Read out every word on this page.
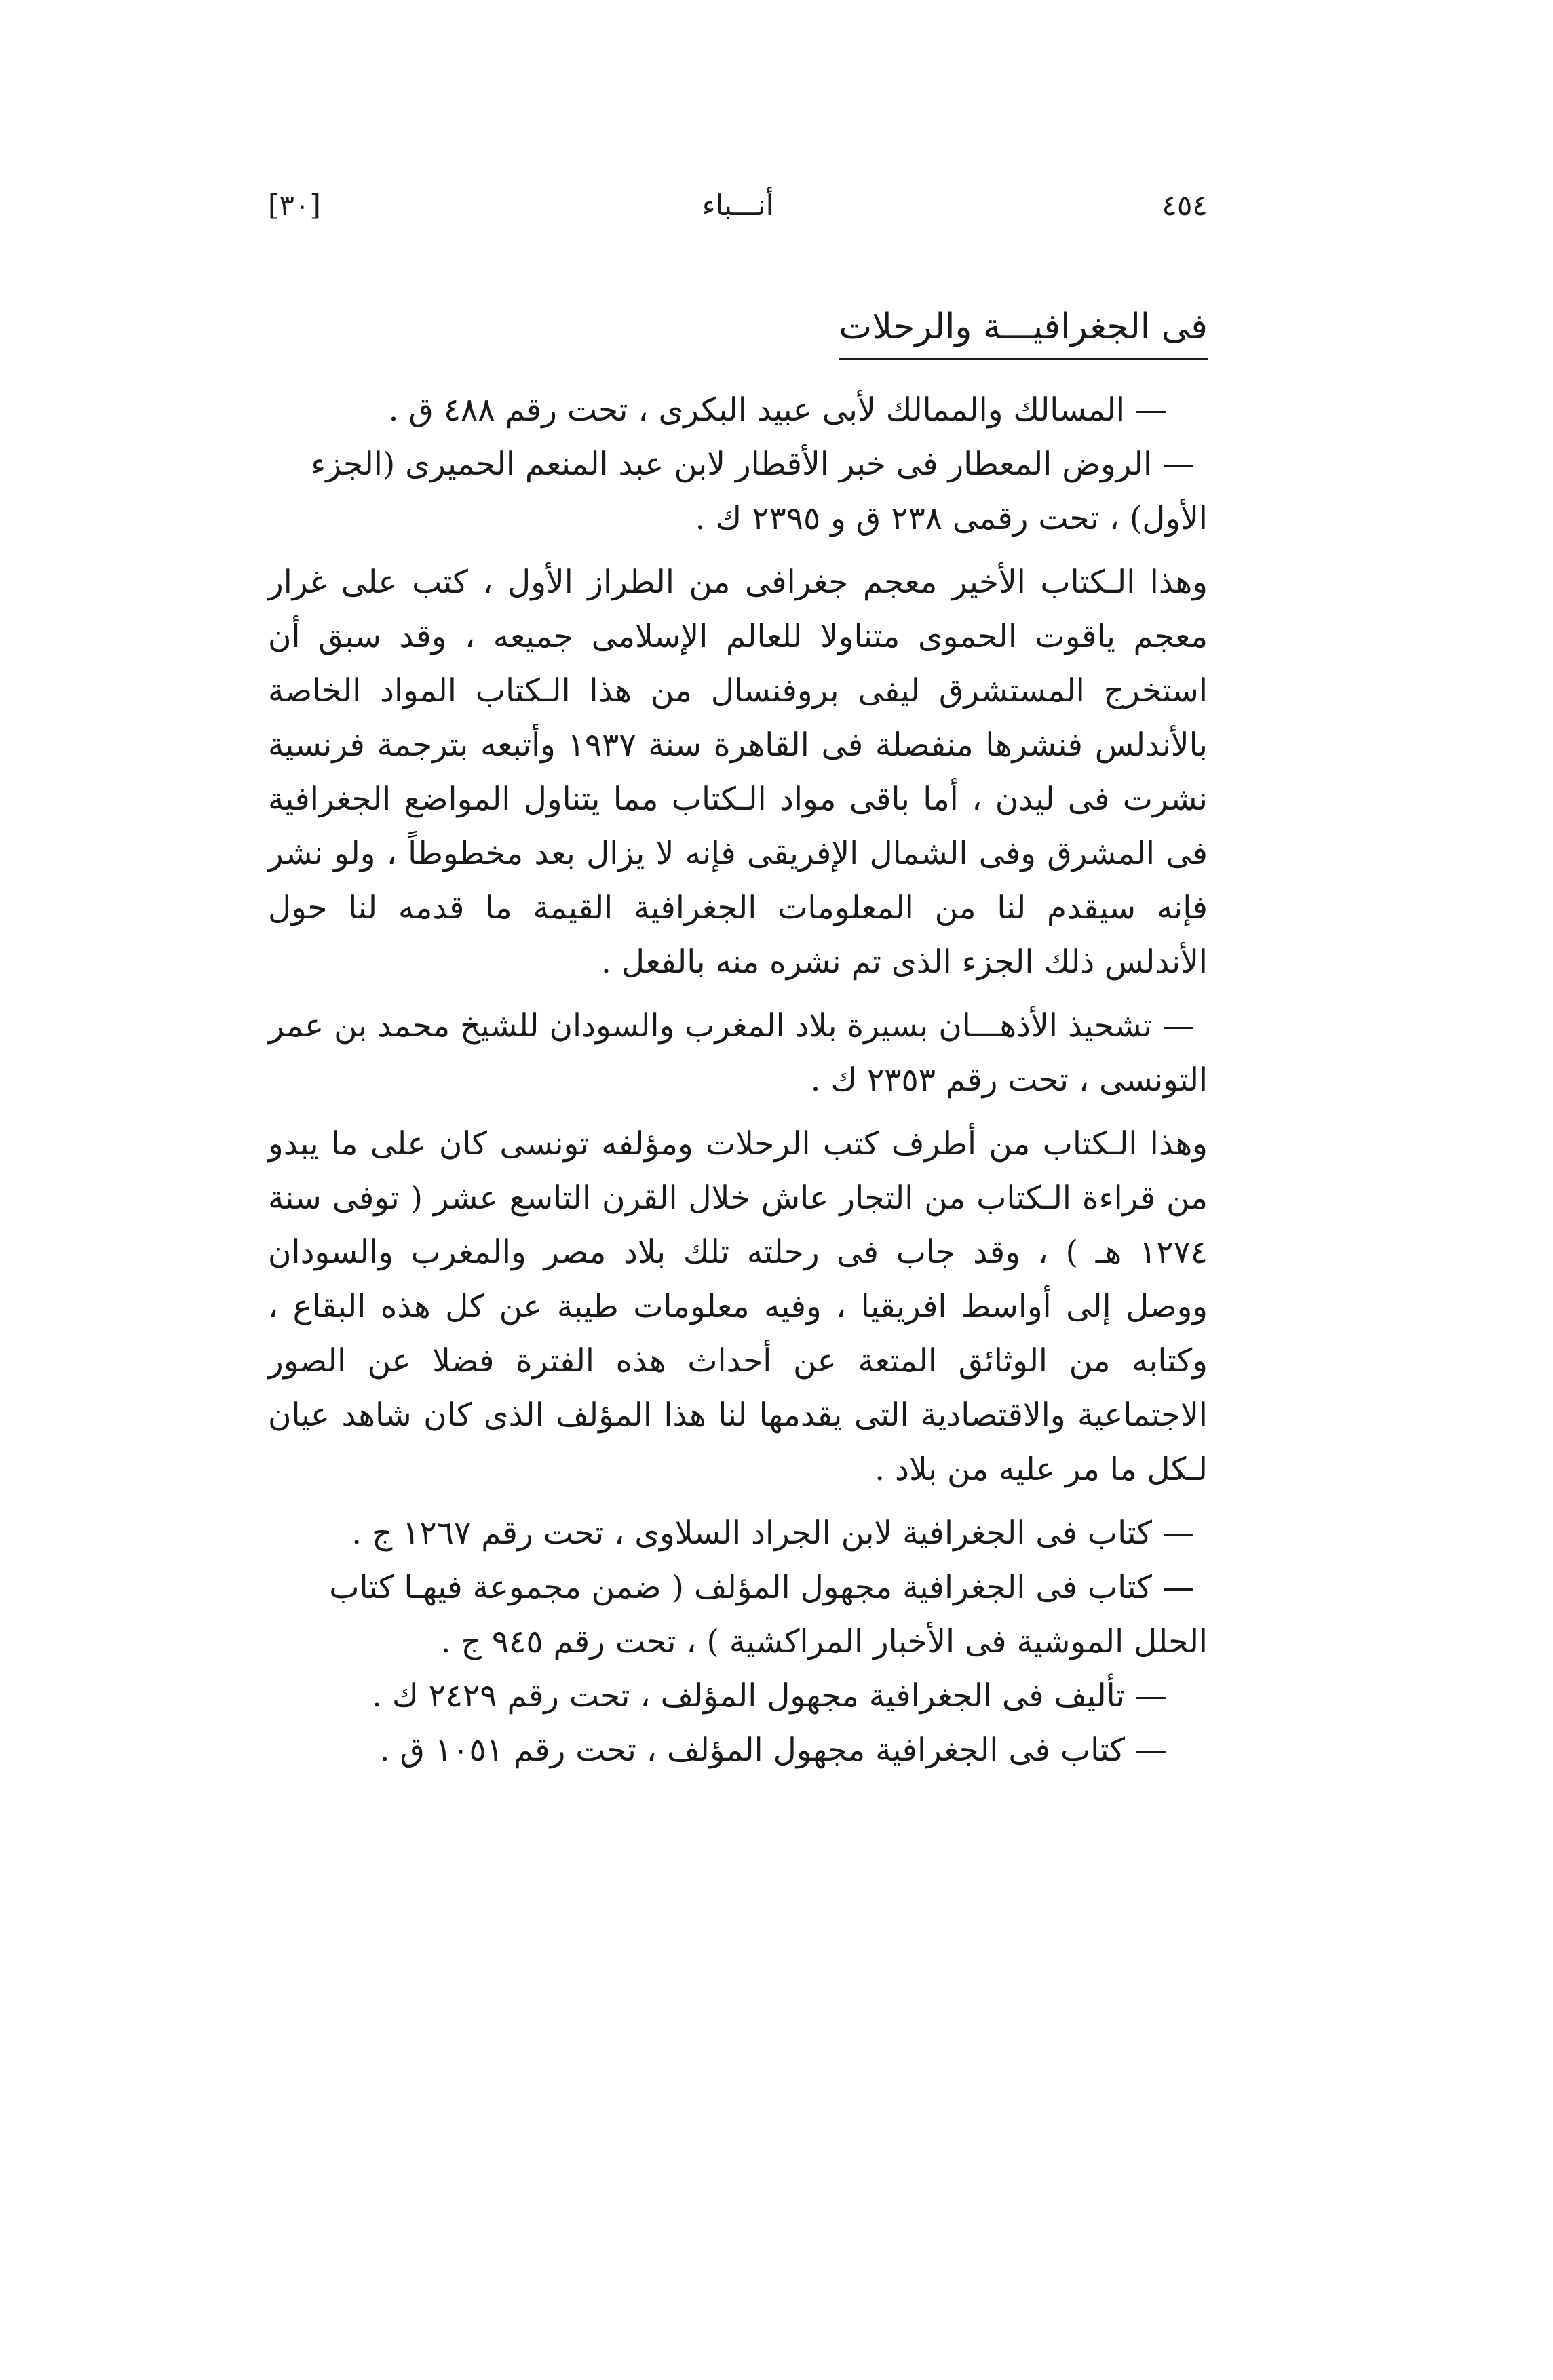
[٣٠]	أنـــباء	٤٥٤
فى الجغرافيـــة والرحلات

— المسالك والممالك لأبى عبيد البكرى ، تحت رقم ٤٨٨ ق .

— الروض المعطار فى خبر الأقطار لابن عبد المنعم الحميرى (الجزء الأول) ، تحت رقمى ٢٣٨ ق و ٢٣٩٥ ك .

وهذا الـكتاب الأخير معجم جغرافى من الطراز الأول ، كتب على غرار معجم ياقوت الحموى متناولا للعالم الإسلامى جميعه ، وقد سبق أن استخرج المستشرق ليفى بروفنسال من هذا الـكتاب المواد الخاصة بالأندلس فنشرها منفصلة فى القاهرة سنة ١٩٣٧ وأتبعه بترجمة فرنسية نشرت فى ليدن ، أما باقى مواد الـكتاب مما يتناول المواضع الجغرافية فى المشرق وفى الشمال الإفريقى فإنه لا يزال بعد مخطوطاً ، ولو نشر فإنه سيقدم لنا من المعلومات الجغرافية القيمة ما قدمه لنا حول الأندلس ذلك الجزء الذى تم نشره منه بالفعل .

— تشحيذ الأذهـــان بسيرة بلاد المغرب والسودان للشيخ محمد بن عمر التونسى ، تحت رقم ٢٣٥٣ ك .

وهذا الـكتاب من أطرف كتب الرحلات ومؤلفه تونسى كان على ما يبدو من قراءة الـكتاب من التجار عاش خلال القرن التاسع عشر ( توفى سنة ١٢٧٤ هـ ) ، وقد جاب فى رحلته تلك بلاد مصر والمغرب والسودان ووصل إلى أواسط افريقيا ، وفيه معلومات طيبة عن كل هذه البقاع ، وكتابه من الوثائق المتعة عن أحداث هذه الفترة فضلا عن الصور الاجتماعية والاقتصادية التى يقدمها لنا هذا المؤلف الذى كان شاهد عيان لـكل ما مر عليه من بلاد .

— كتاب فى الجغرافية لابن الجراد السلاوى ، تحت رقم ١٢٦٧ ج .

— كتاب فى الجغرافية مجهول المؤلف ( ضمن مجموعة فيهـا كتاب الحلل الموشية فى الأخبار المراكشية ) ، تحت رقم ٩٤٥ ج .

— تأليف فى الجغرافية مجهول المؤلف ، تحت رقم ٢٤٢٩ ك .

— كتاب فى الجغرافية مجهول المؤلف ، تحت رقم ١٠٥١ ق .
